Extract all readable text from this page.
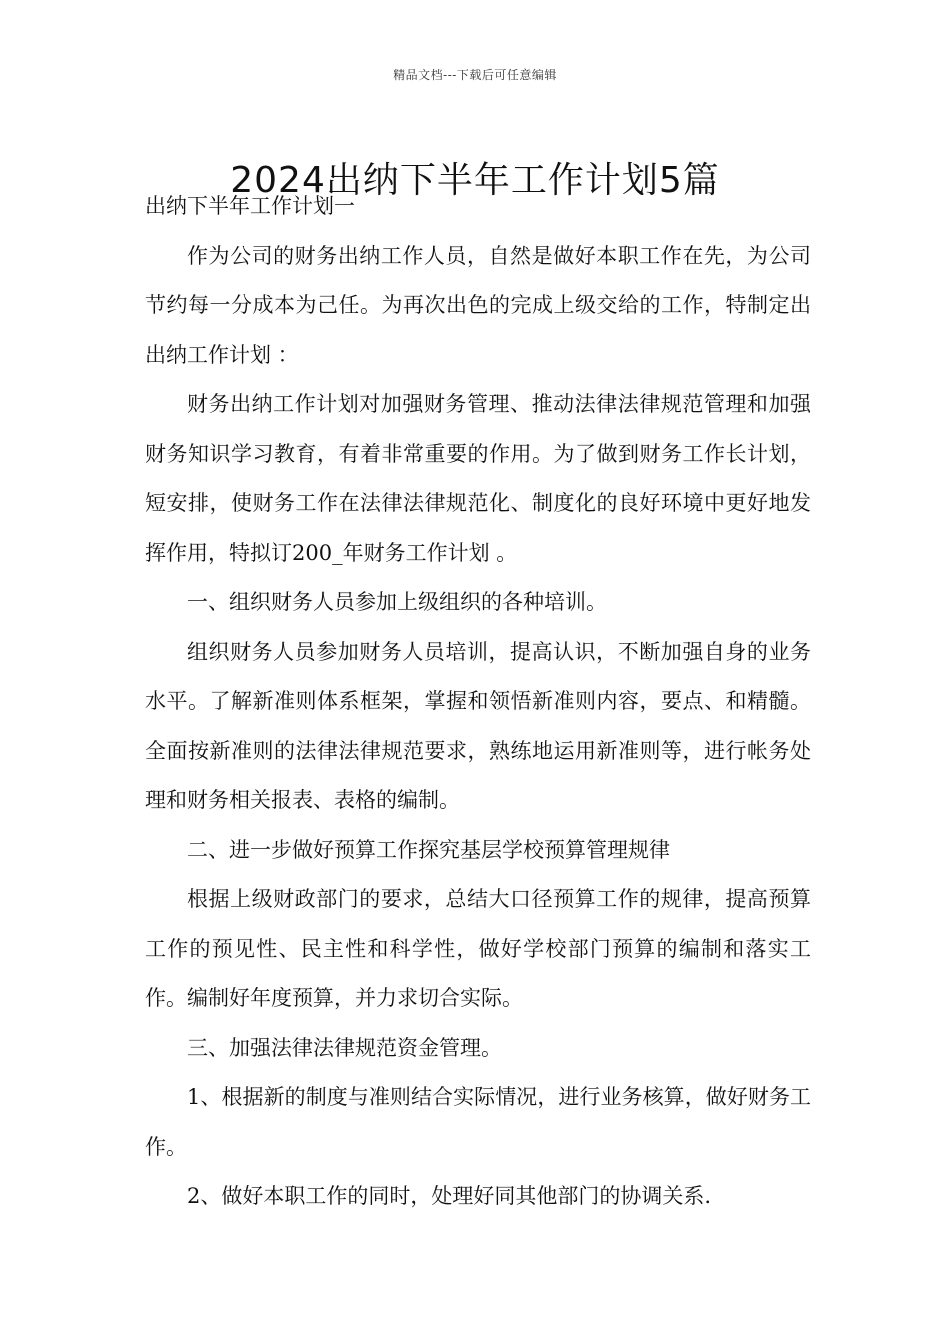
精品文档---下载后可任意编辑
2024出纳下半年工作计划5篇

出纳下半年工作计划一

作为公司的财务出纳工作人员，自然是做好本职工作在先，为公司节约每一分成本为己任。为再次出色的完成上级交给的工作，特制定出出纳工作计划 ：

财务出纳工作计划对加强财务管理、推动法律法律规范管理和加强财务知识学习教育，有着非常重要的作用。为了做到财务工作长计划，短安排，使财务工作在法律法律规范化、制度化的良好环境中更好地发挥作用，特拟订200_年财务工作计划 。

一、组织财务人员参加上级组织的各种培训。

组织财务人员参加财务人员培训，提高认识，不断加强自身的业务水平。了解新准则体系框架，掌握和领悟新准则内容，要点、和精髓。全面按新准则的法律法律规范要求，熟练地运用新准则等，进行帐务处理和财务相关报表、表格的编制。

二、进一步做好预算工作探究基层学校预算管理规律

根据上级财政部门的要求，总结大口径预算工作的规律，提高预算工作的预见性、民主性和科学性，做好学校部门预算的编制和落实工作。编制好年度预算，并力求切合实际。

三、加强法律法律规范资金管理。

1、根据新的制度与准则结合实际情况，进行业务核算，做好财务工作。

2、做好本职工作的同时，处理好同其他部门的协调关系.
